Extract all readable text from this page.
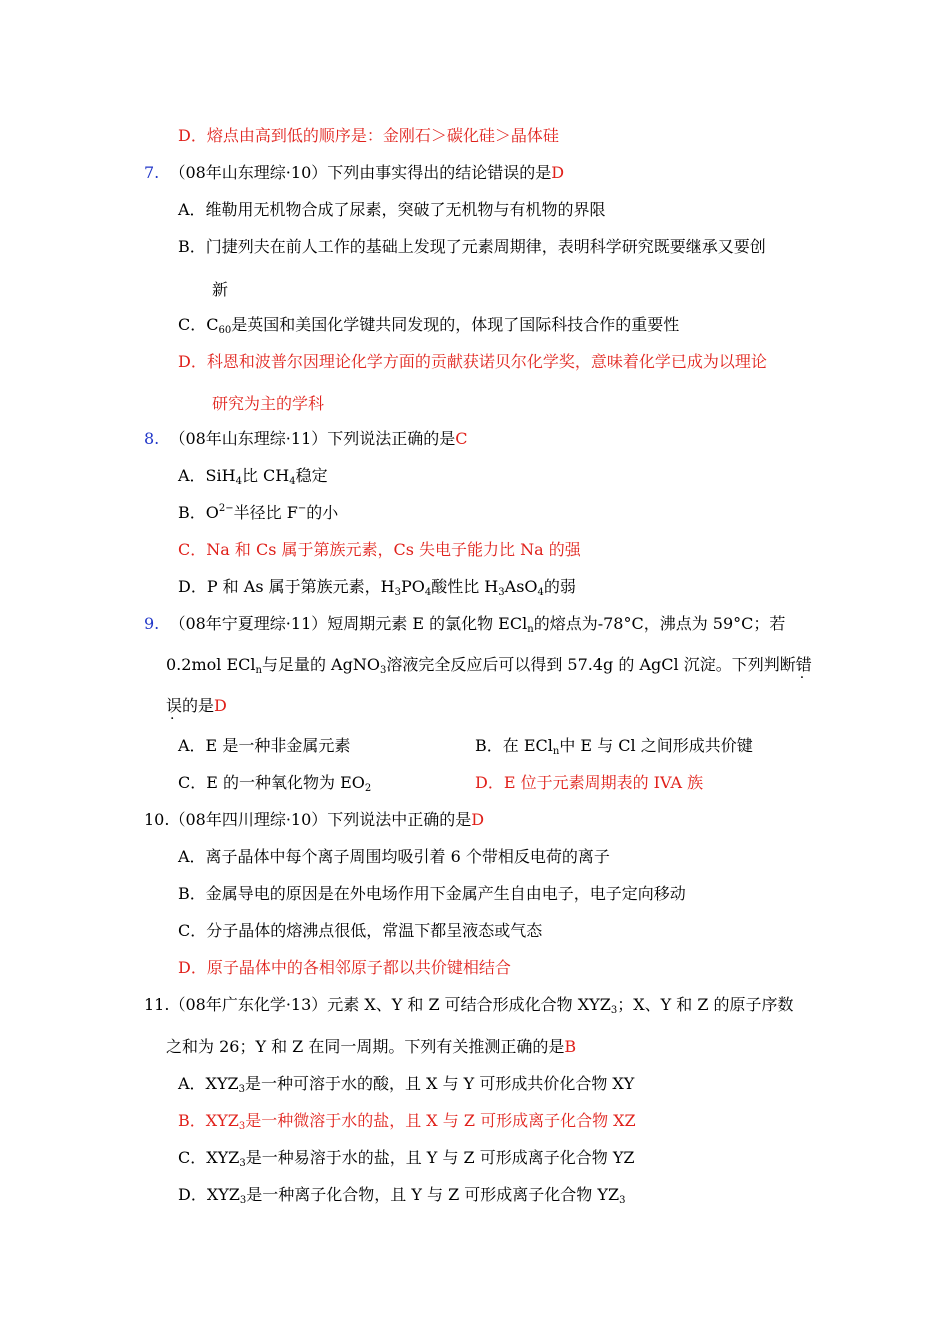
D．熔点由高到低的顺序是：金刚石＞碳化硅＞晶体硅
7. （08年山东理综·10）下列由事实得出的结论错误的是D
A．维勒用无机物合成了尿素，突破了无机物与有机物的界限
B．门捷列夫在前人工作的基础上发现了元素周期律，表明科学研究既要继承又要创
新
C．$C_{60}$是英国和美国化学键共同发现的，体现了国际科技合作的重要性
D．科恩和波普尔因理论化学方面的贡献获诺贝尔化学奖，意味着化学已成为以理论
研究为主的学科
8. （08年山东理综·11）下列说法正确的是C
A．SiH$_4$比 $CH_4$稳定
B．$O^{2-}$半径比 F−的小
C．Na 和 Cs 属于第族元素，Cs 失电子能力比 Na 的强
D．P 和 As 属于第族元素，$H_3PO_4$酸性比 $H_3AsO_4$的弱
9. （08年宁夏理综·11）短周期元素 E 的氯化物 ECl$_n$的熔点为-78°C，沸点为 59°C；若
0.2mol ECl$_n$与足量的 AgNO$_3$溶液完全反应后可以得到 57.4g 的 AgCl 沉淀。下列判断错
误的是D
A．E 是一种非金属元素	B．在 ECl$_n$中 E 与 Cl 之间形成共价键
C．E 的一种氧化物为 $EO_2$	D．E 位于元素周期表的 IVA 族
10.（08年四川理综·10）下列说法中正确的是D
A．离子晶体中每个离子周围均吸引着 6 个带相反电荷的离子
B．金属导电的原因是在外电场作用下金属产生自由电子，电子定向移动
C．分子晶体的熔沸点很低，常温下都呈液态或气态
D．原子晶体中的各相邻原子都以共价键相结合
11.（08年广东化学·13）元素 X、Y 和 Z 可结合形成化合物 $XYZ_3$；X、Y 和 Z 的原子序数
之和为 26；Y 和 Z 在同一周期。下列有关推测正确的是B
A．$XYZ_3$是一种可溶于水的酸，且 X 与 Y 可形成共价化合物 XY
B．$XYZ_3$是一种微溶于水的盐，且 X 与 Z 可形成离子化合物 XZ
C．$XYZ_3$是一种易溶于水的盐，且 Y 与 Z 可形成离子化合物 YZ
D．$XYZ_3$是一种离子化合物，且 Y 与 Z 可形成离子化合物 $YZ_3$
